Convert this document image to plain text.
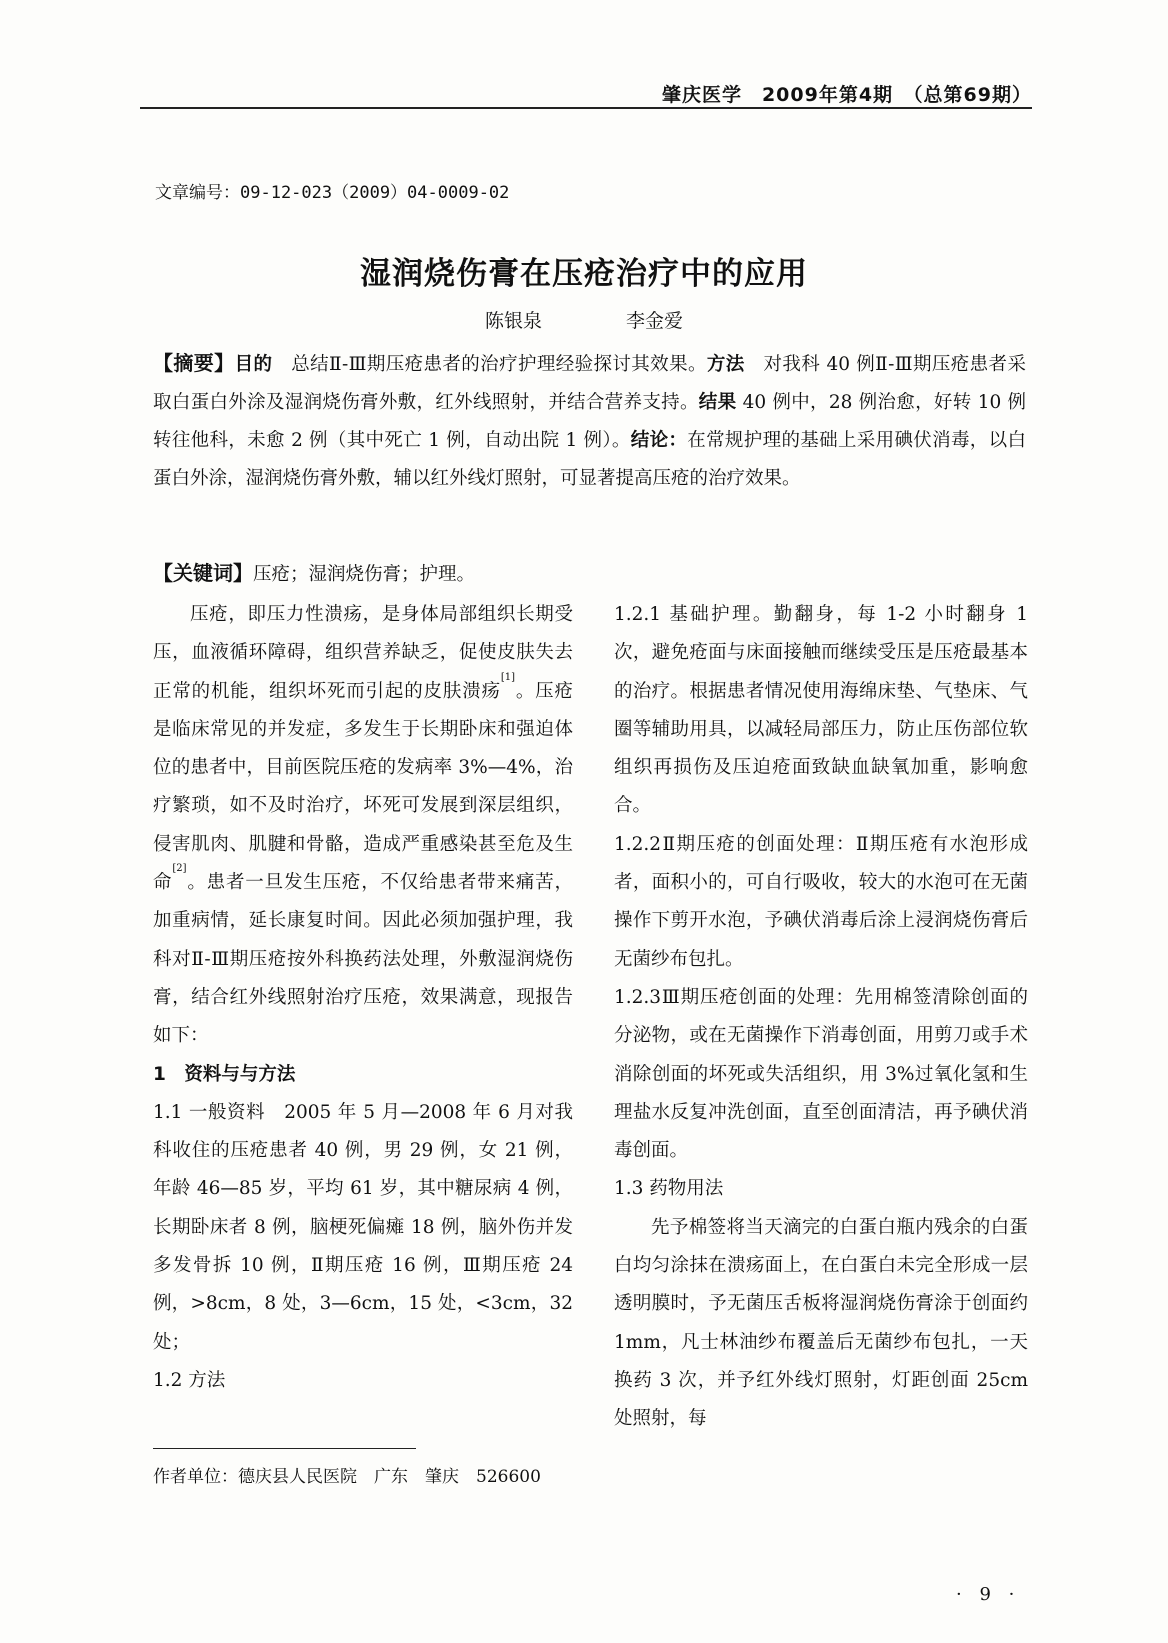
肇庆医学　2009年第4期　（总第69期）
文章编号：09-12-023（2009）04-0009-02
湿润烧伤膏在压疮治疗中的应用
陈银泉	李金爱
【摘要】目的　 总结Ⅱ-Ⅲ期压疮患者的治疗护理经验探讨其效果。方法　 对我科 40 例Ⅱ-Ⅲ期压疮患者采取白蛋白外涂及湿润烧伤膏外敷，红外线照射，并结合营养支持。结果 40 例中，28 例治愈，好转 10 例转往他科，未愈 2 例（其中死亡 1 例，自动出院 1 例）。结论：在常规护理的基础上采用碘伏消毒，以白蛋白外涂，湿润烧伤膏外敷，辅以红外线灯照射，可显著提高压疮的治疗效果。
【关键词】压疮；湿润烧伤膏；护理。

压疮，即压力性溃疡，是身体局部组织长期受压，血液循环障碍，组织营养缺乏，促使皮肤失去正常的机能，组织坏死而引起的皮肤溃疡[1]。压疮是临床常见的并发症，多发生于长期卧床和强迫体位的患者中，目前医院压疮的发病率 3%—4%，治疗繁琐，如不及时治疗，坏死可发展到深层组织，侵害肌肉、肌腱和骨骼，造成严重感染甚至危及生命[2]。患者一旦发生压疮，不仅给患者带来痛苦，加重病情，延长康复时间。因此必须加强护理，我科对Ⅱ-Ⅲ期压疮按外科换药法处理，外敷湿润烧伤膏，结合红外线照射治疗压疮，效果满意，现报告如下：

1　资料与与方法

1.1 一般资料　2005 年 5 月—2008 年 6 月对我科收住的压疮患者 40 例，男 29 例，女 21 例，年龄 46—85 岁，平均 61 岁，其中糖尿病 4 例，长期卧床者 8 例，脑梗死偏瘫 18 例，脑外伤并发多发骨拆 10 例，Ⅱ期压疮 16 例，Ⅲ期压疮 24 例，>8cm，8 处，3—6cm，15 处，<3cm，32 处；

1.2 方法

1.2.1 基础护理。勤翻身，每 1-2 小时翻身 1 次，避免疮面与床面接触而继续受压是压疮最基本的治疗。根据患者情况使用海绵床垫、气垫床、气圈等辅助用具，以减轻局部压力，防止压伤部位软组织再损伤及压迫疮面致缺血缺氧加重，影响愈合。

1.2.2Ⅱ期压疮的创面处理：Ⅱ期压疮有水泡形成者，面积小的，可自行吸收，较大的水泡可在无菌操作下剪开水泡，予碘伏消毒后涂上浸润烧伤膏后无菌纱布包扎。

1.2.3Ⅲ期压疮创面的处理：先用棉签清除创面的分泌物，或在无菌操作下消毒创面，用剪刀或手术消除创面的坏死或失活组织，用 3%过氧化氢和生理盐水反复冲洗创面，直至创面清洁，再予碘伏消毒创面。

1.3 药物用法

先予棉签将当天滴完的白蛋白瓶内残余的白蛋白均匀涂抹在溃疡面上，在白蛋白未完全形成一层透明膜时，予无菌压舌板将湿润烧伤膏涂于创面约 1mm，凡士林油纱布覆盖后无菌纱布包扎，一天换药 3 次，并予红外线灯照射，灯距创面 25cm 处照射，每

作者单位：德庆县人民医院　广东　肇庆　526600
· 9 ·
